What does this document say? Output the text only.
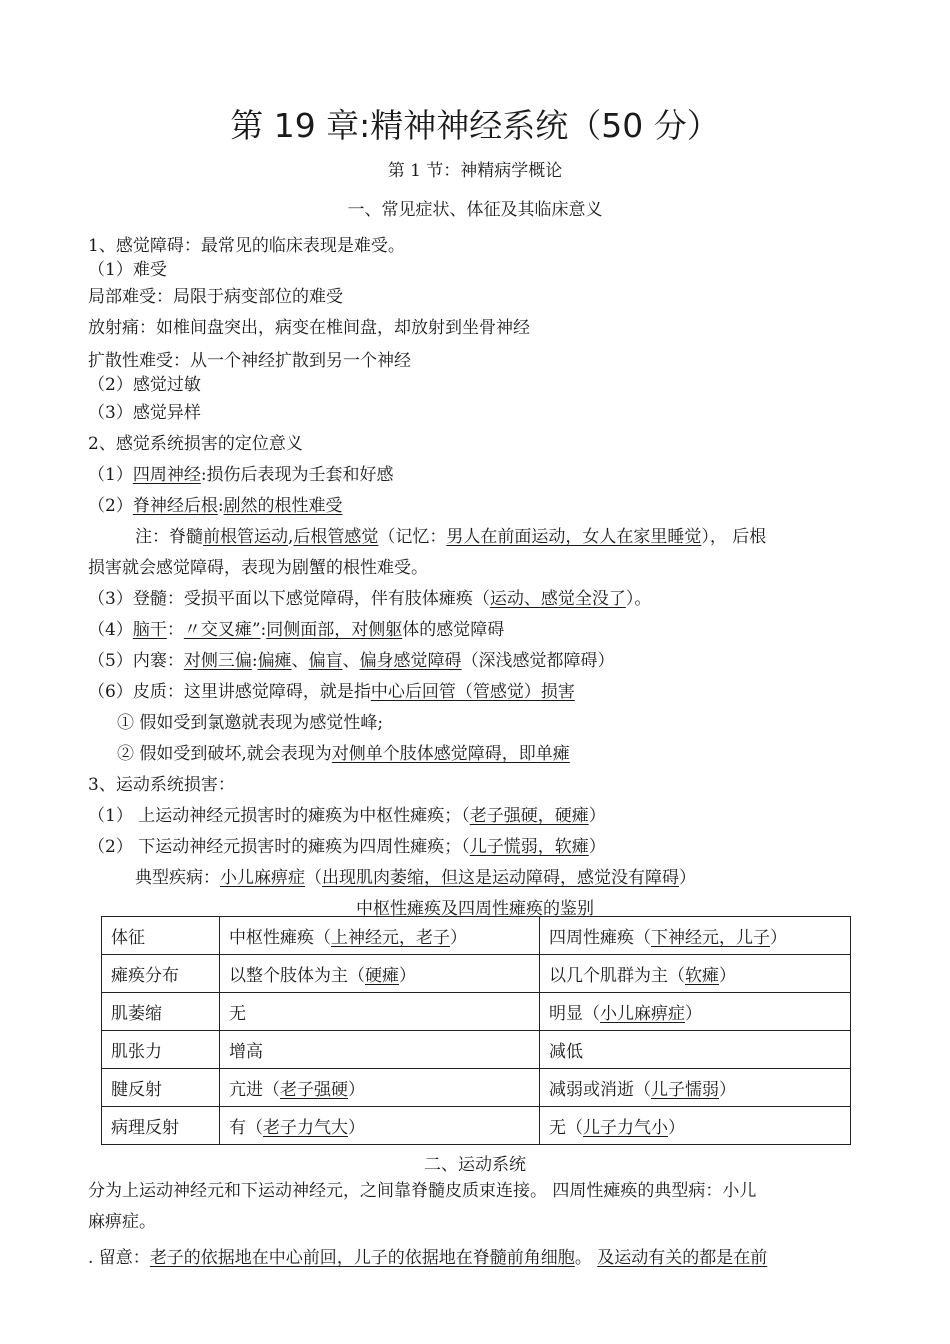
第 19 章:精神神经系统（50 分）
第 1 节：神精病学概论
一、常见症状、体征及其临床意义
1、感觉障碍：最常见的临床表现是难受。
（1）难受
局部难受：局限于病变部位的难受
放射痛：如椎间盘突出，病变在椎间盘，却放射到坐骨神经
扩散性难受：从一个神经扩散到另一个神经
（2）感觉过敏
（3）感觉异样
2、感觉系统损害的定位意义
（1）四周神经:损伤后表现为壬套和好感
（2）脊神经后根:剧然的根性难受
注：脊髓前根管运动,后根管感觉（记忆：男人在前面运动，女人在家里睡觉）， 后根
损害就会感觉障碍，表现为剧蟹的根性难受。
（3）登髓：受损平面以下感觉障碍，伴有肢体瘫痪（运动、感觉全没了）。
（4）脑干：〃交叉瘫”:同侧面部，对侧躯体的感觉障碍
（5）内褰：对侧三偏:偏瘫、偏盲、偏身感觉障碍（深浅感觉都障碍）
（6）皮质：这里讲感觉障碍，就是指中心后回管（管感觉）损害
① 假如受到氯邀就表现为感觉性峰;
② 假如受到破坏,就会表现为对侧单个肢体感觉障碍，即单瘫
3、运动系统损害：
（1） 上运动神经元损害时的瘫痪为中枢性瘫痪；（老子强硬，硬瘫）
（2） 下运动神经元损害时的瘫痪为四周性瘫痪；（儿子慌弱，软瘫）
典型疾病：小儿麻痹症（出现肌肉萎缩，但这是运动障碍，感觉没有障碍）
中枢性瘫痪及四周性瘫痪的鉴别
体征	中枢性瘫痪（上神经元，老子）	四周性瘫痪（下神经元，儿子）
瘫痪分布	以整个肢体为主（硬瘫）	以几个肌群为主（软瘫）
肌萎缩	无	明显（小儿麻痹症）
肌张力	增高	减低
腱反射	亢进（老子强硬）	减弱或消逝（儿子懦弱）
病理反射	有（老子力气大）	无（儿子力气小）
二、运动系统
分为上运动神经元和下运动神经元，之间靠脊髓皮质束连接。 四周性瘫痪的典型病：小儿
麻痹症。
. 留意：老子的依据地在中心前回，儿子的依据地在脊髓前角细胞。 及运动有关的都是在前
